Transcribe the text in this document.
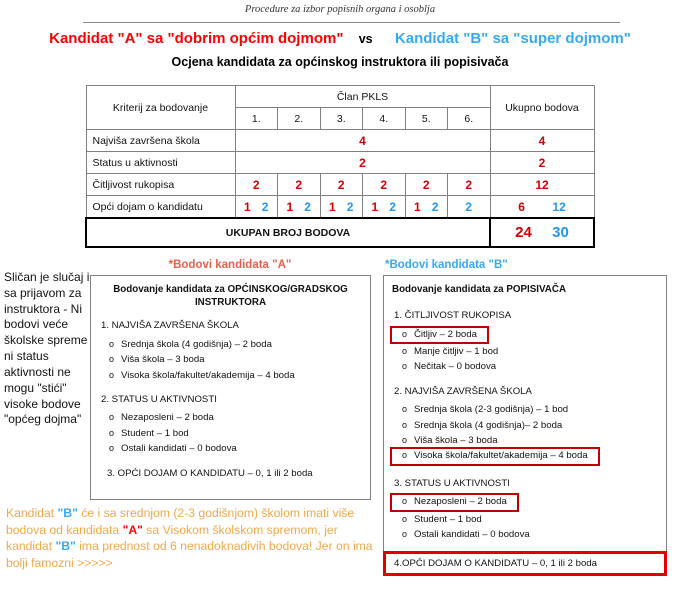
Procedure za izbor popisnih organa i osoblja
Kandidat "A" sa "dobrim općim dojmom" vs Kandidat "B" sa "super dojmom"
Ocjena kandidata za općinskog instruktora ili popisivača
Kriterij za bodovanje	Član PKLS						Ukupno bodova
	1.	2.	3.	4.	5.	6.	
Najviša završena škola	4						4

Status u aktivnosti	2						2

Čitljivost rukopisa	2	2	2	2	2	2	12

Opći dojam o kandidatu	1 2	1 2	1 2	1 2	1 2	2	6 12

UKUPAN BROJ BODOVA							24 30
*Bodovi kandidata "A"	*Bodovi kandidata "B"
Sličan je slučaj i sa prijavom za instruktora - Ni bodovi veće školske spreme ni status aktivnosti ne mogu "stići" visoke bodove "općeg dojma"
Bodovanje kandidata za OPĆINSKOG/GRADSKOG INSTRUKTORA
1. NAJVIŠA ZAVRŠENA ŠKOLA
o Srednja škola (4 godišnja) – 2 boda
o Viša škola – 3 boda
o Visoka škola/fakultet/akademija – 4 boda
2. STATUS U AKTIVNOSTI
o Nezaposleni – 2 boda
o Student – 1 bod
o Ostali kandidati – 0 bodova
3. OPĆI DOJAM O KANDIDATU – 0, 1 ili 2 boda
Bodovanje kandidata za POPISIVAČA
1. ČITLJIVOST RUKOPISA
o Čitljiv – 2 boda
o Manje čitljiv – 1 bod
o Nečitak – 0 bodova
2. NAJVIŠA ZAVRŠENA ŠKOLA
o Srednja škola (2-3 godišnja) – 1 bod
o Srednja škola (4 godišnja)– 2 boda
o Viša škola – 3 boda
o Visoka škola/fakultet/akademija – 4 boda
3. STATUS U AKTIVNOSTI
o Nezaposleni – 2 boda
o Student – 1 bod
o Ostali kandidati – 0 bodova
4.OPĆI DOJAM O KANDIDATU – 0, 1 ili 2 boda
Kandidat "B" će i sa srednjom (2-3 godišnjom) školom imati više bodova od kandidata "A" sa Visokom školskom spremom, jer kandidat "B" ima prednost od 6 nenadoknadivih bodova! Jer on ima bolji famozni >>>>>
